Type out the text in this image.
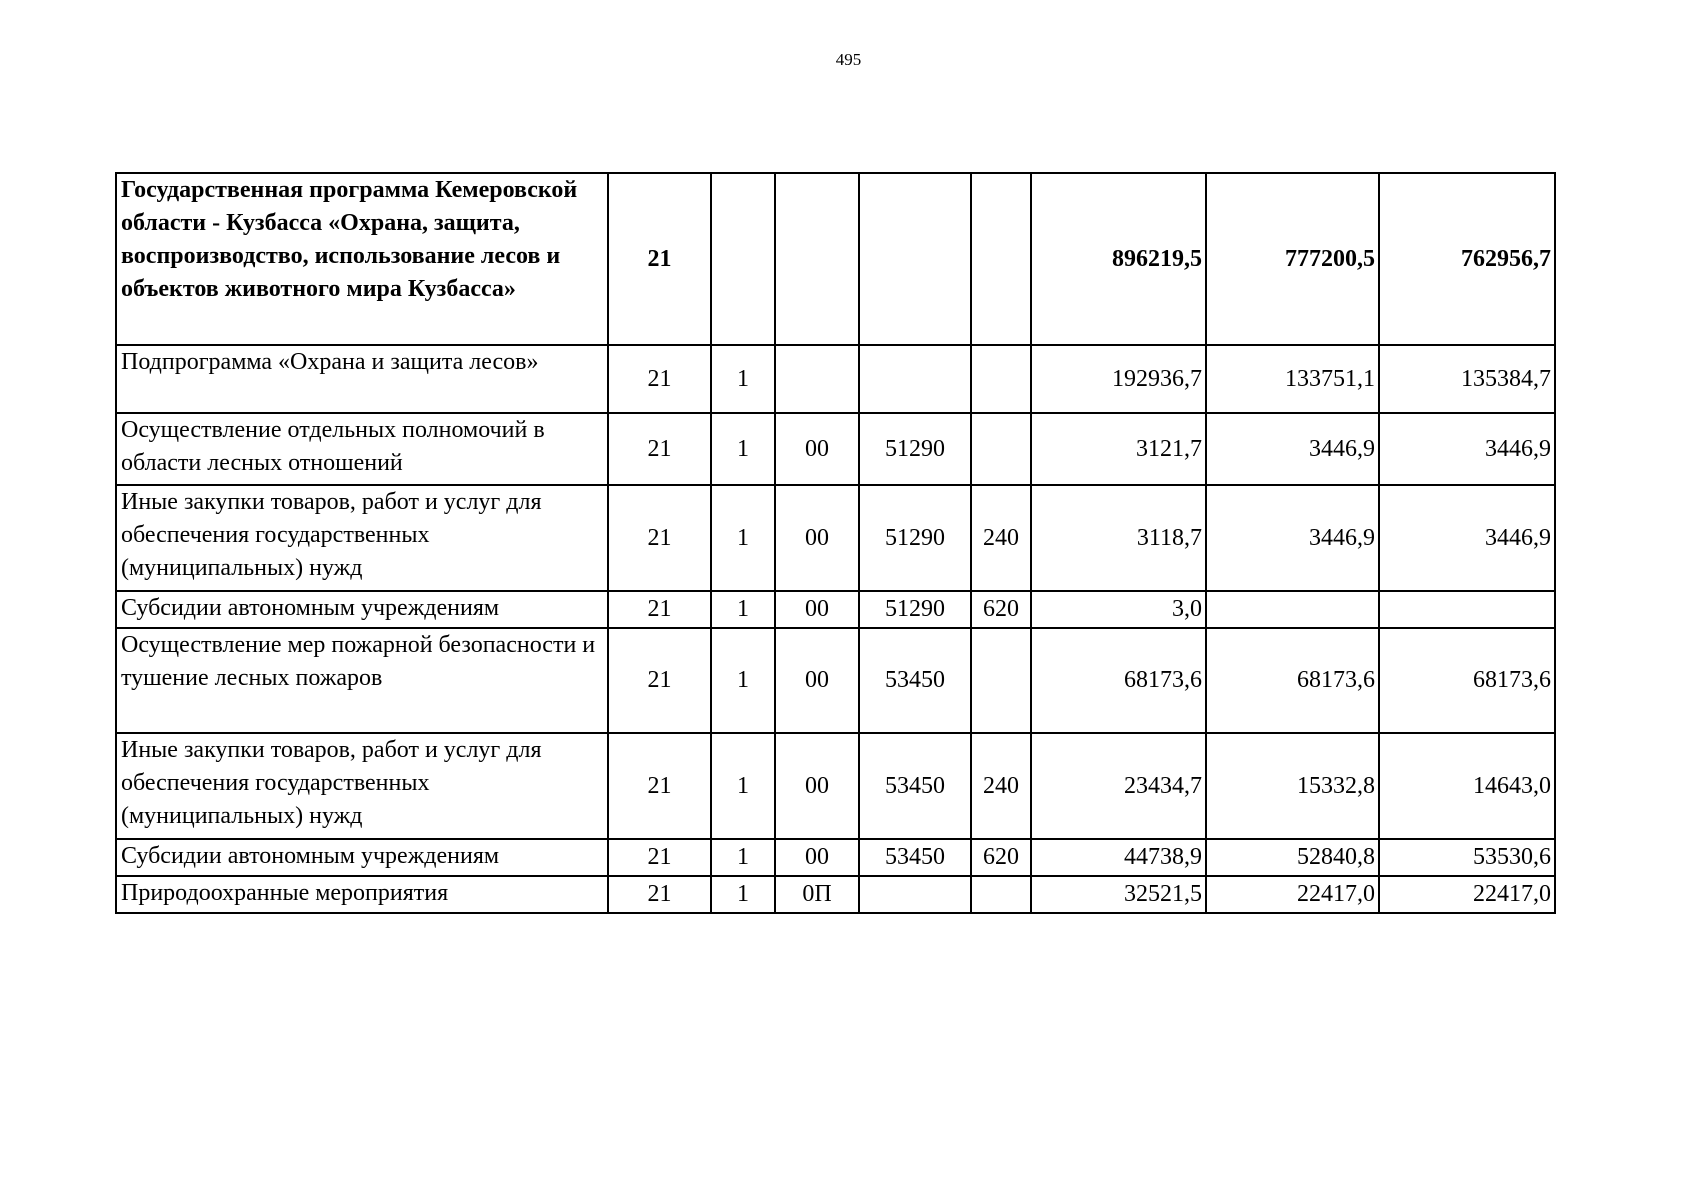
495
Государственная программа Кемеровской области - Кузбасса «Охрана, защита, воспроизводство, использование лесов и объектов животного мира Кузбасса»	21					896219,5	777200,5	762956,7
Подпрограмма «Охрана и защита лесов»	21	1				192936,7	133751,1	135384,7
Осуществление отдельных полномочий в области лесных отношений	21	1	00	51290		3121,7	3446,9	3446,9
Иные закупки товаров, работ и услуг для обеспечения государственных (муниципальных) нужд	21	1	00	51290	240	3118,7	3446,9	3446,9
Субсидии автономным учреждениям	21	1	00	51290	620	3,0		
Осуществление мер пожарной безопасности и тушение лесных пожаров	21	1	00	53450		68173,6	68173,6	68173,6
Иные закупки товаров, работ и услуг для обеспечения государственных (муниципальных) нужд	21	1	00	53450	240	23434,7	15332,8	14643,0
Субсидии автономным учреждениям	21	1	00	53450	620	44738,9	52840,8	53530,6
Природоохранные мероприятия	21	1	0П			32521,5	22417,0	22417,0
